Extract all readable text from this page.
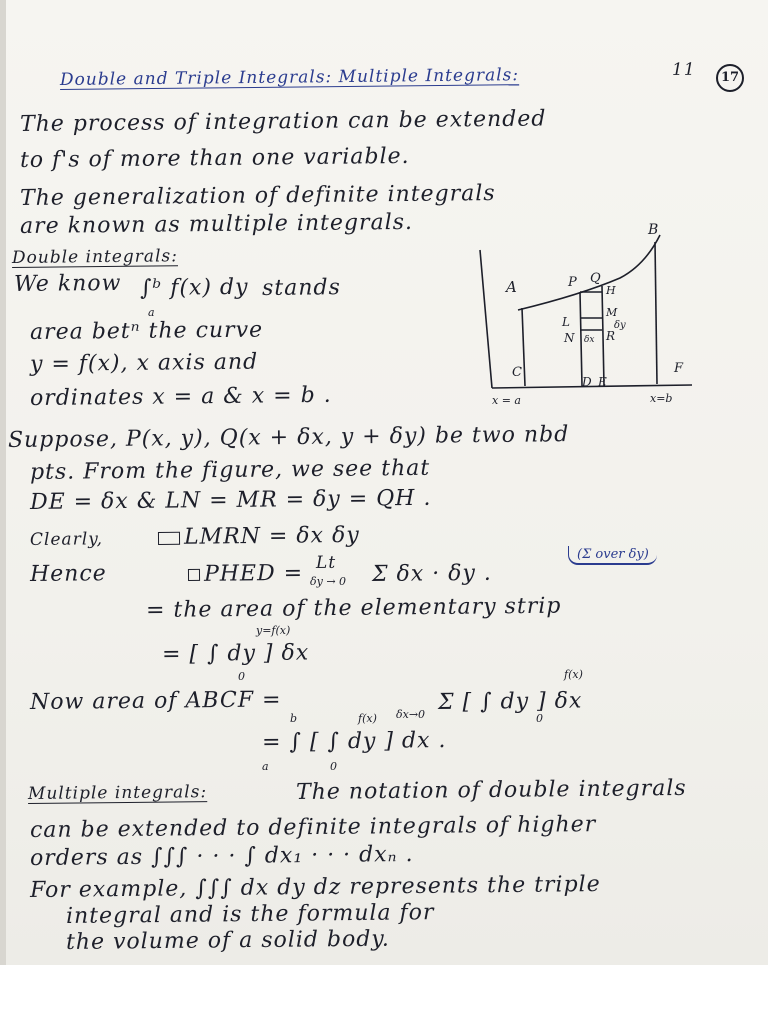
Double and Triple Integrals: Multiple Integrals:	11	17
The process of integration can be extended
to f's of more than one variable.
The generalization of definite integrals
are known as multiple integrals.
Double integrals:
We know ∫ᵇ f(x) dy
a
stands
area betⁿ the curve
y = f(x), x axis and
ordinates x = a & x = b .
A
B
P Q
H
M
L
N	R
δy
δx
C
D E
F
x = a	x=b
Suppose, P(x, y), Q(x + δx, y + δy) be two nbd
pts. From the figure, we see that
DE = δx & LN = MR = δy = QH .
Clearly,	LMRN = δx δy
Hence	PHED = Lt
δy → 0 Σ δx · δy .
(Σ over δy)
= the area of the elementary strip
y=f(x)
= [ ∫ dy ] δx
0
Now area of ABCF =	δx→0 Σ [ ∫ dy ] δx
f(x)
0
= ∫ [ ∫ dy ] dx .
b	f(x)
a	0
Multiple integrals:	The notation of double integrals
can be extended to definite integrals of higher
orders as ∫∫∫ · · · ∫ dx₁ · · · dxₙ .
For example, ∫∫∫ dx dy dz represents the triple
integral and is the formula for
the volume of a solid body.
